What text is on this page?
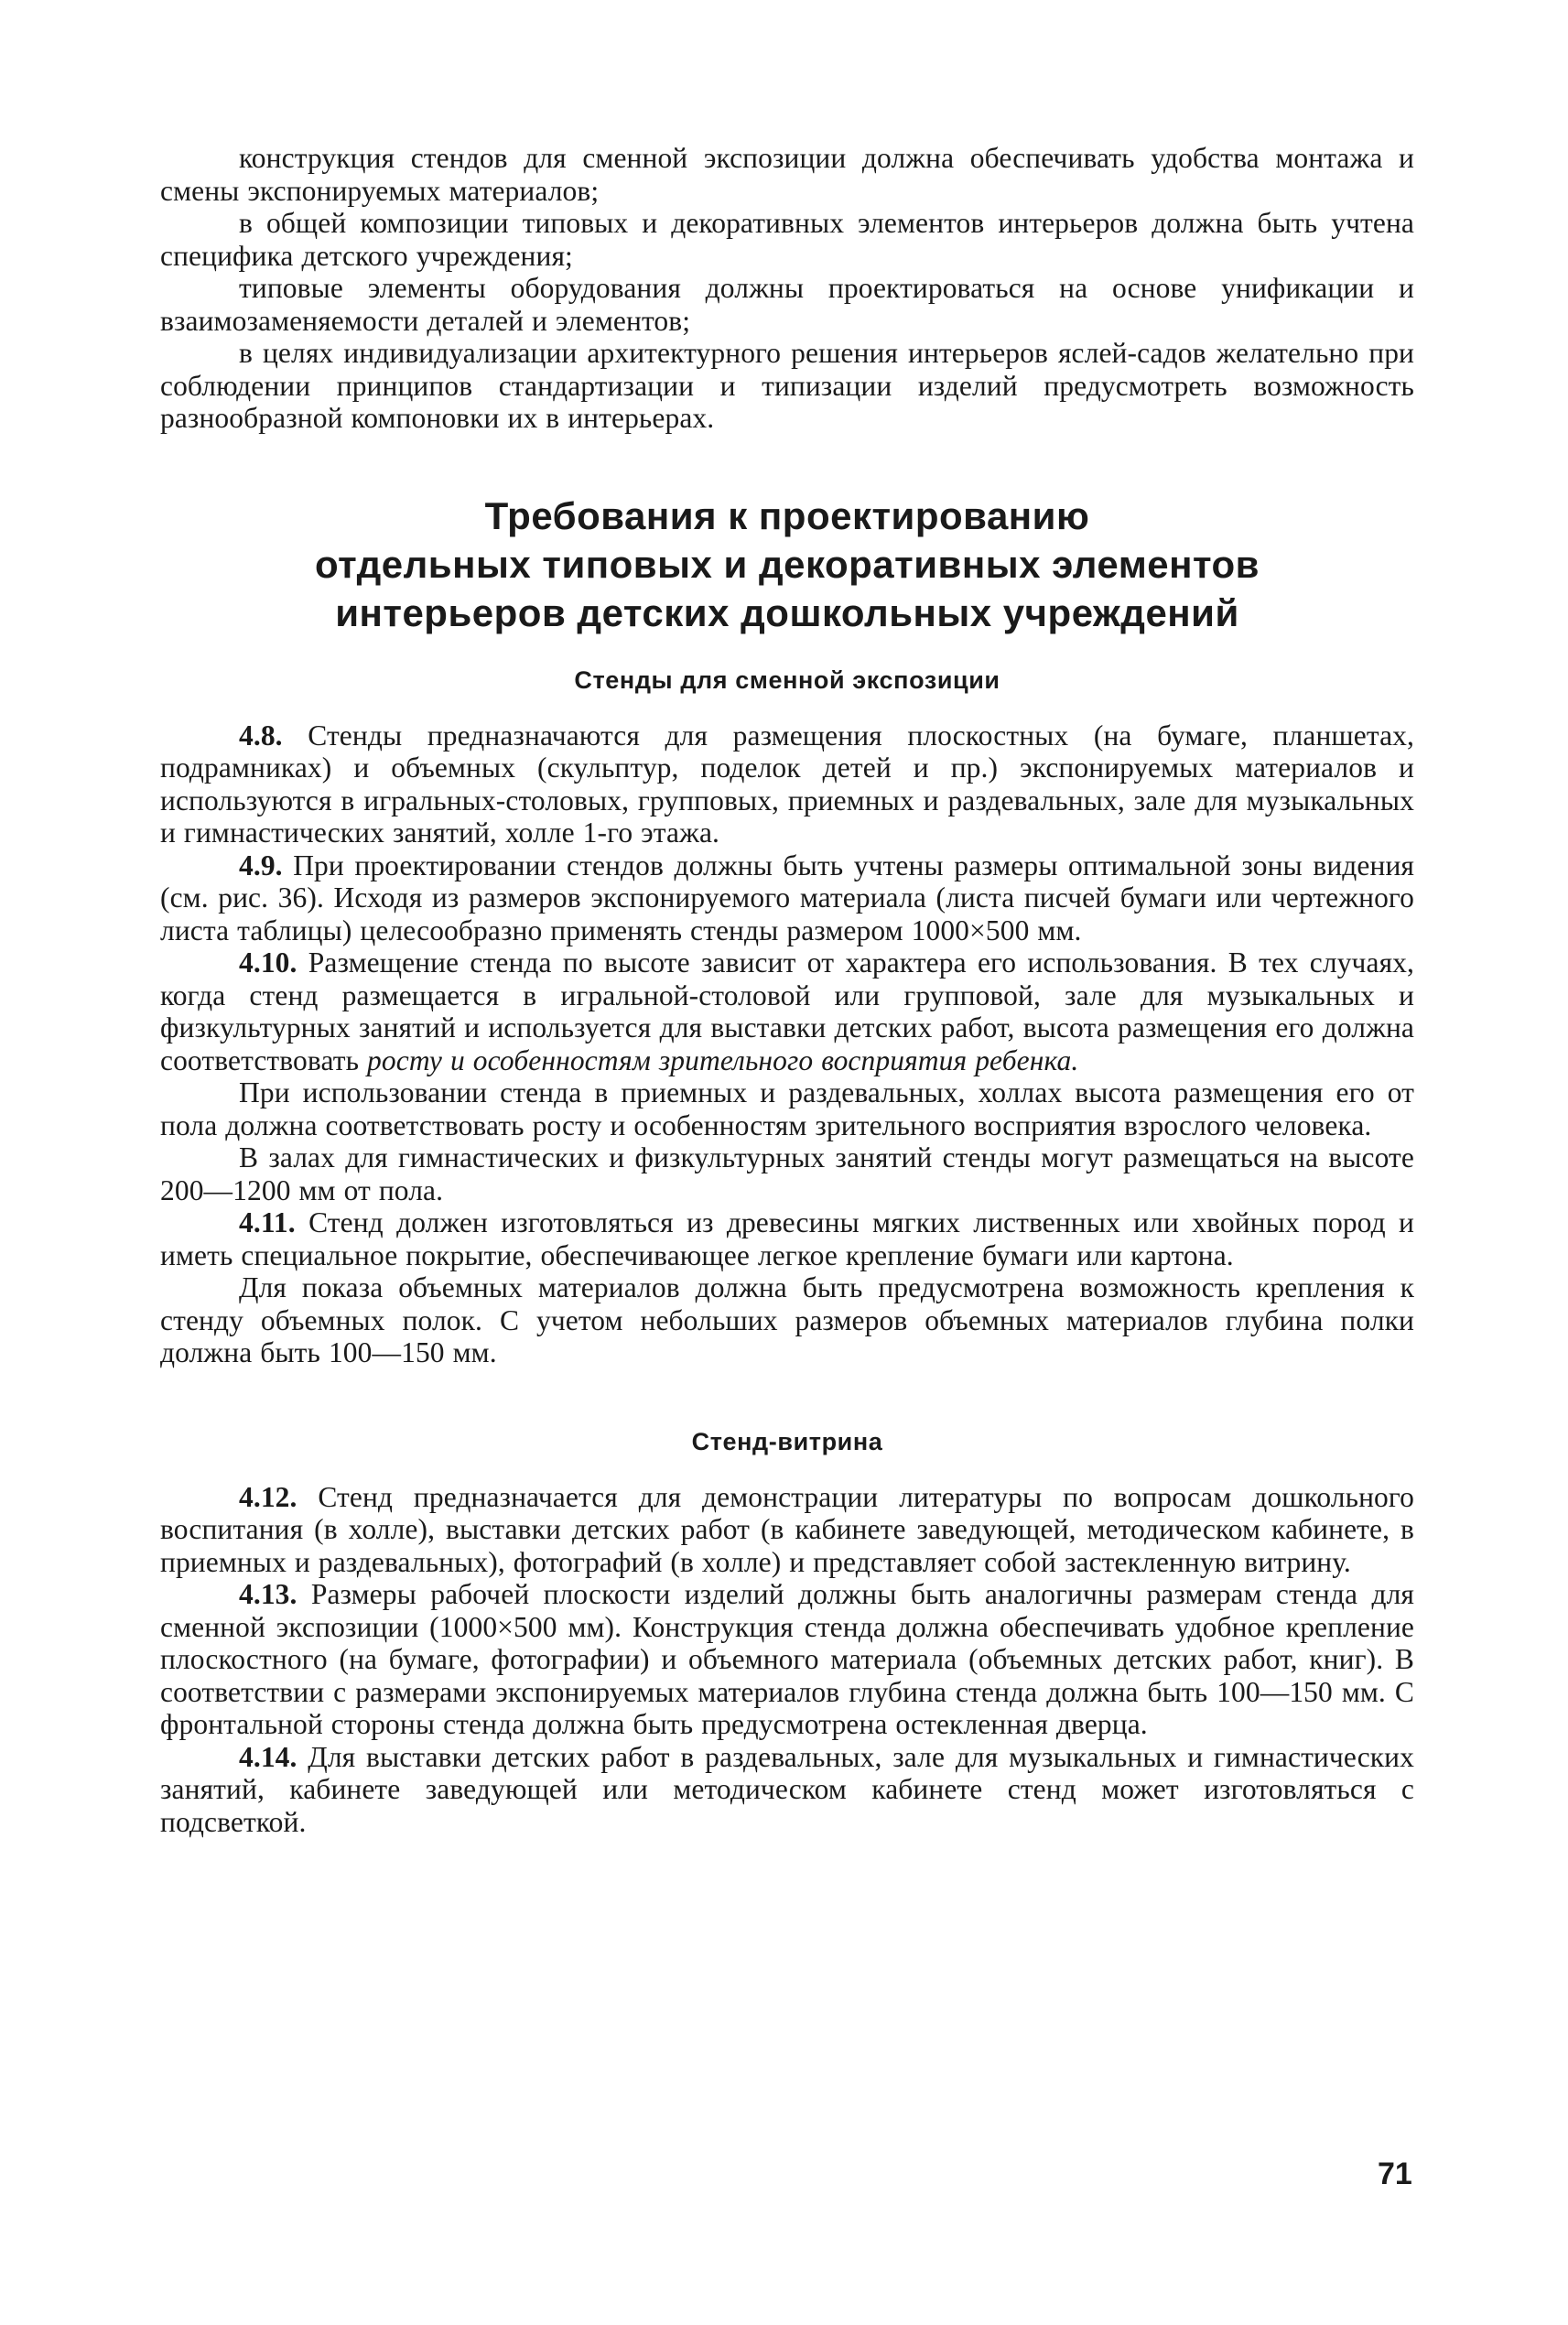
конструкция стендов для сменной экспозиции должна обеспечивать удобства монтажа и смены экспонируемых материалов;

в общей композиции типовых и декоративных элементов интерьеров должна быть учтена специфика детского учреждения;

типовые элементы оборудования должны проектироваться на основе унификации и взаимозаменяемости деталей и элементов;

в целях индивидуализации архитектурного решения интерьеров яслей-садов желательно при соблюдении принципов стандартизации и типизации изделий предусмотреть возможность разнообразной компоновки их в интерьерах.

Требования к проектированию
отдельных типовых и декоративных элементов
интерьеров детских дошкольных учреждений
Стенды для сменной экспозиции

4.8. Стенды предназначаются для размещения плоскостных (на бумаге, планшетах, подрамниках) и объемных (скульптур, поделок детей и пр.) экспонируемых материалов и используются в игральных-столовых, групповых, приемных и раздевальных, зале для музыкальных и гимнастических занятий, холле 1-го этажа.

4.9. При проектировании стендов должны быть учтены размеры оптимальной зоны видения (см. рис. 36). Исходя из размеров экспонируемого материала (листа писчей бумаги или чертежного листа таблицы) целесообразно применять стенды размером 1000×500 мм.

4.10. Размещение стенда по высоте зависит от характера его использования. В тех случаях, когда стенд размещается в игральной-столовой или групповой, зале для музыкальных и физкультурных занятий и используется для выставки детских работ, высота размещения его должна соответствовать росту и особенностям зрительного восприятия ребенка.

При использовании стенда в приемных и раздевальных, холлах высота размещения его от пола должна соответствовать росту и особенностям зрительного восприятия взрослого человека.

В залах для гимнастических и физкультурных занятий стенды могут размещаться на высоте 200—1200 мм от пола.

4.11. Стенд должен изготовляться из древесины мягких лиственных или хвойных пород и иметь специальное покрытие, обеспечивающее легкое крепление бумаги или картона.

Для показа объемных материалов должна быть предусмотрена возможность крепления к стенду объемных полок. С учетом небольших размеров объемных материалов глубина полки должна быть 100—150 мм.

Стенд-витрина

4.12. Стенд предназначается для демонстрации литературы по вопросам дошкольного воспитания (в холле), выставки детских работ (в кабинете заведующей, методическом кабинете, в приемных и раздевальных), фотографий (в холле) и представляет собой застекленную витрину.

4.13. Размеры рабочей плоскости изделий должны быть аналогичны размерам стенда для сменной экспозиции (1000×500 мм). Конструкция стенда должна обеспечивать удобное крепление плоскостного (на бумаге, фотографии) и объемного материала (объемных детских работ, книг). В соответствии с размерами экспонируемых материалов глубина стенда должна быть 100—150 мм. С фронтальной стороны стенда должна быть предусмотрена остекленная дверца.

4.14. Для выставки детских работ в раздевальных, зале для музыкальных и гимнастических занятий, кабинете заведующей или методическом кабинете стенд может изготовляться с подсветкой.

71
